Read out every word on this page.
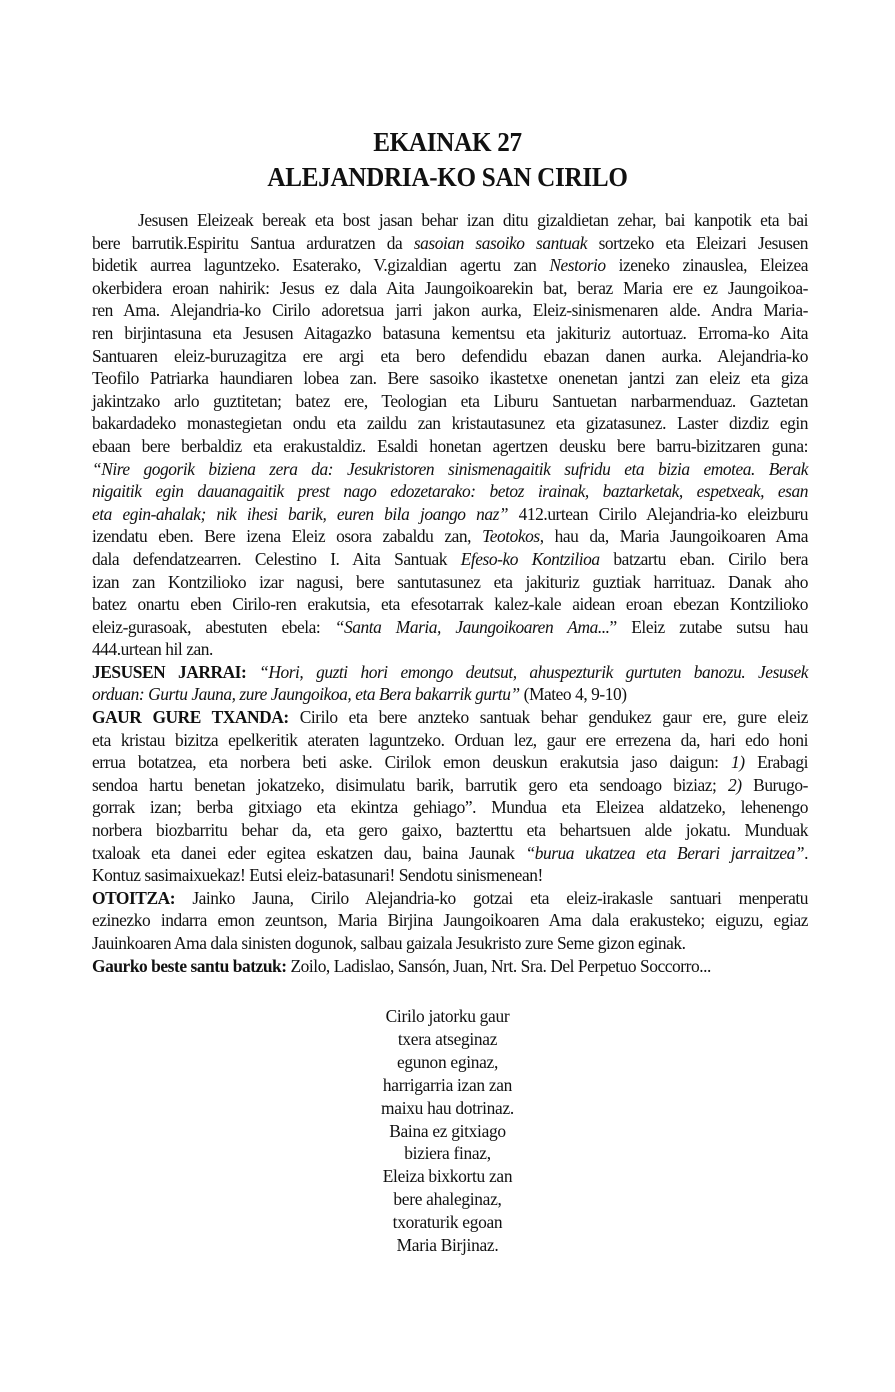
EKAINAK 27
ALEJANDRIA-KO SAN CIRILO
Jesusen Eleizeak bereak eta bost jasan behar izan ditu gizaldietan zehar, bai kanpotik eta bai
bere barrutik.Espiritu Santua arduratzen da sasoian sasoiko santuak sortzeko eta Eleizari Jesusen
bidetik aurrea laguntzeko. Esaterako, V.gizaldian agertu zan Nestorio izeneko zinauslea, Eleizea
okerbidera eroan nahirik: Jesus ez dala Aita Jaungoikoarekin bat, beraz Maria ere ez Jaungoikoa-
ren Ama. Alejandria-ko Cirilo adoretsua jarri jakon aurka, Eleiz-sinismenaren alde. Andra Maria-
ren birjintasuna eta Jesusen Aitagazko batasuna kementsu eta jakituriz autortuaz. Erroma-ko Aita
Santuaren eleiz-buruzagitza ere argi eta bero defendidu ebazan danen aurka. Alejandria-ko
Teofilo Patriarka haundiaren lobea zan. Bere sasoiko ikastetxe onenetan jantzi zan eleiz eta giza
jakintzako arlo guztitetan; batez ere, Teologian eta Liburu Santuetan narbarmenduaz. Gaztetan
bakardadeko monastegietan ondu eta zaildu zan kristautasunez eta gizatasunez. Laster dizdiz egin
ebaan bere berbaldiz eta erakustaldiz. Esaldi honetan agertzen deusku bere barru-bizitzaren guna:
“Nire gogorik biziena zera da: Jesukristoren sinismenagaitik sufridu eta bizia emotea. Berak
nigaitik egin dauanagaitik prest nago edozetarako: betoz irainak, baztarketak, espetxeak, esan
eta egin-ahalak; nik ihesi barik, euren bila joango naz” 412.urtean Cirilo Alejandria-ko eleizburu
izendatu eben. Bere izena Eleiz osora zabaldu zan, Teotokos, hau da, Maria Jaungoikoaren Ama
dala defendatzearren. Celestino I. Aita Santuak Efeso-ko Kontzilioa batzartu eban. Cirilo bera
izan zan Kontzilioko izar nagusi, bere santutasunez eta jakituriz guztiak harrituaz. Danak aho
batez onartu eben Cirilo-ren erakutsia, eta efesotarrak kalez-kale aidean eroan ebezan Kontzilioko
eleiz-gurasoak, abestuten ebela: “Santa Maria, Jaungoikoaren Ama...” Eleiz zutabe sutsu hau
444.urtean hil zan.
JESUSEN JARRAI: “Hori, guzti hori emongo deutsut, ahuspezturik gurtuten banozu. Jesusek
orduan: Gurtu Jauna, zure Jaungoikoa, eta Bera bakarrik gurtu” (Mateo 4, 9-10)
GAUR GURE TXANDA: Cirilo eta bere anzteko santuak behar gendukez gaur ere, gure eleiz
eta kristau bizitza epelkeritik ateraten laguntzeko. Orduan lez, gaur ere errezena da, hari edo honi
errua botatzea, eta norbera beti aske. Cirilok emon deuskun erakutsia jaso daigun: 1) Erabagi
sendoa hartu benetan jokatzeko, disimulatu barik, barrutik gero eta sendoago biziaz; 2) Burugo-
gorrak izan; berba gitxiago eta ekintza gehiago”. Mundua eta Eleizea aldatzeko, lehenengo
norbera biozbarritu behar da, eta gero gaixo, bazterttu eta behartsuen alde jokatu. Munduak
txaloak eta danei eder egitea eskatzen dau, baina Jaunak “burua ukatzea eta Berari jarraitzea”.
Kontuz sasimaixuekaz! Eutsi eleiz-batasunari! Sendotu sinismenean!
OTOITZA: Jainko Jauna, Cirilo Alejandria-ko gotzai eta eleiz-irakasle santuari menperatu
ezinezko indarra emon zeuntson, Maria Birjina Jaungoikoaren Ama dala erakusteko; eiguzu, egiaz
Jauinkoaren Ama dala sinisten dogunok, salbau gaizala Jesukristo zure Seme gizon eginak.
Gaurko beste santu batzuk: Zoilo, Ladislao, Sansón, Juan, Nrt. Sra. Del Perpetuo Soccorro...
Cirilo jatorku gaur
txera atseginaz
egunon eginaz,
harrigarria izan zan
maixu hau dotrinaz.
Baina ez gitxiago
biziera finaz,
Eleiza bixkortu zan
bere ahaleginaz,
txoraturik egoan
Maria Birjinaz.
